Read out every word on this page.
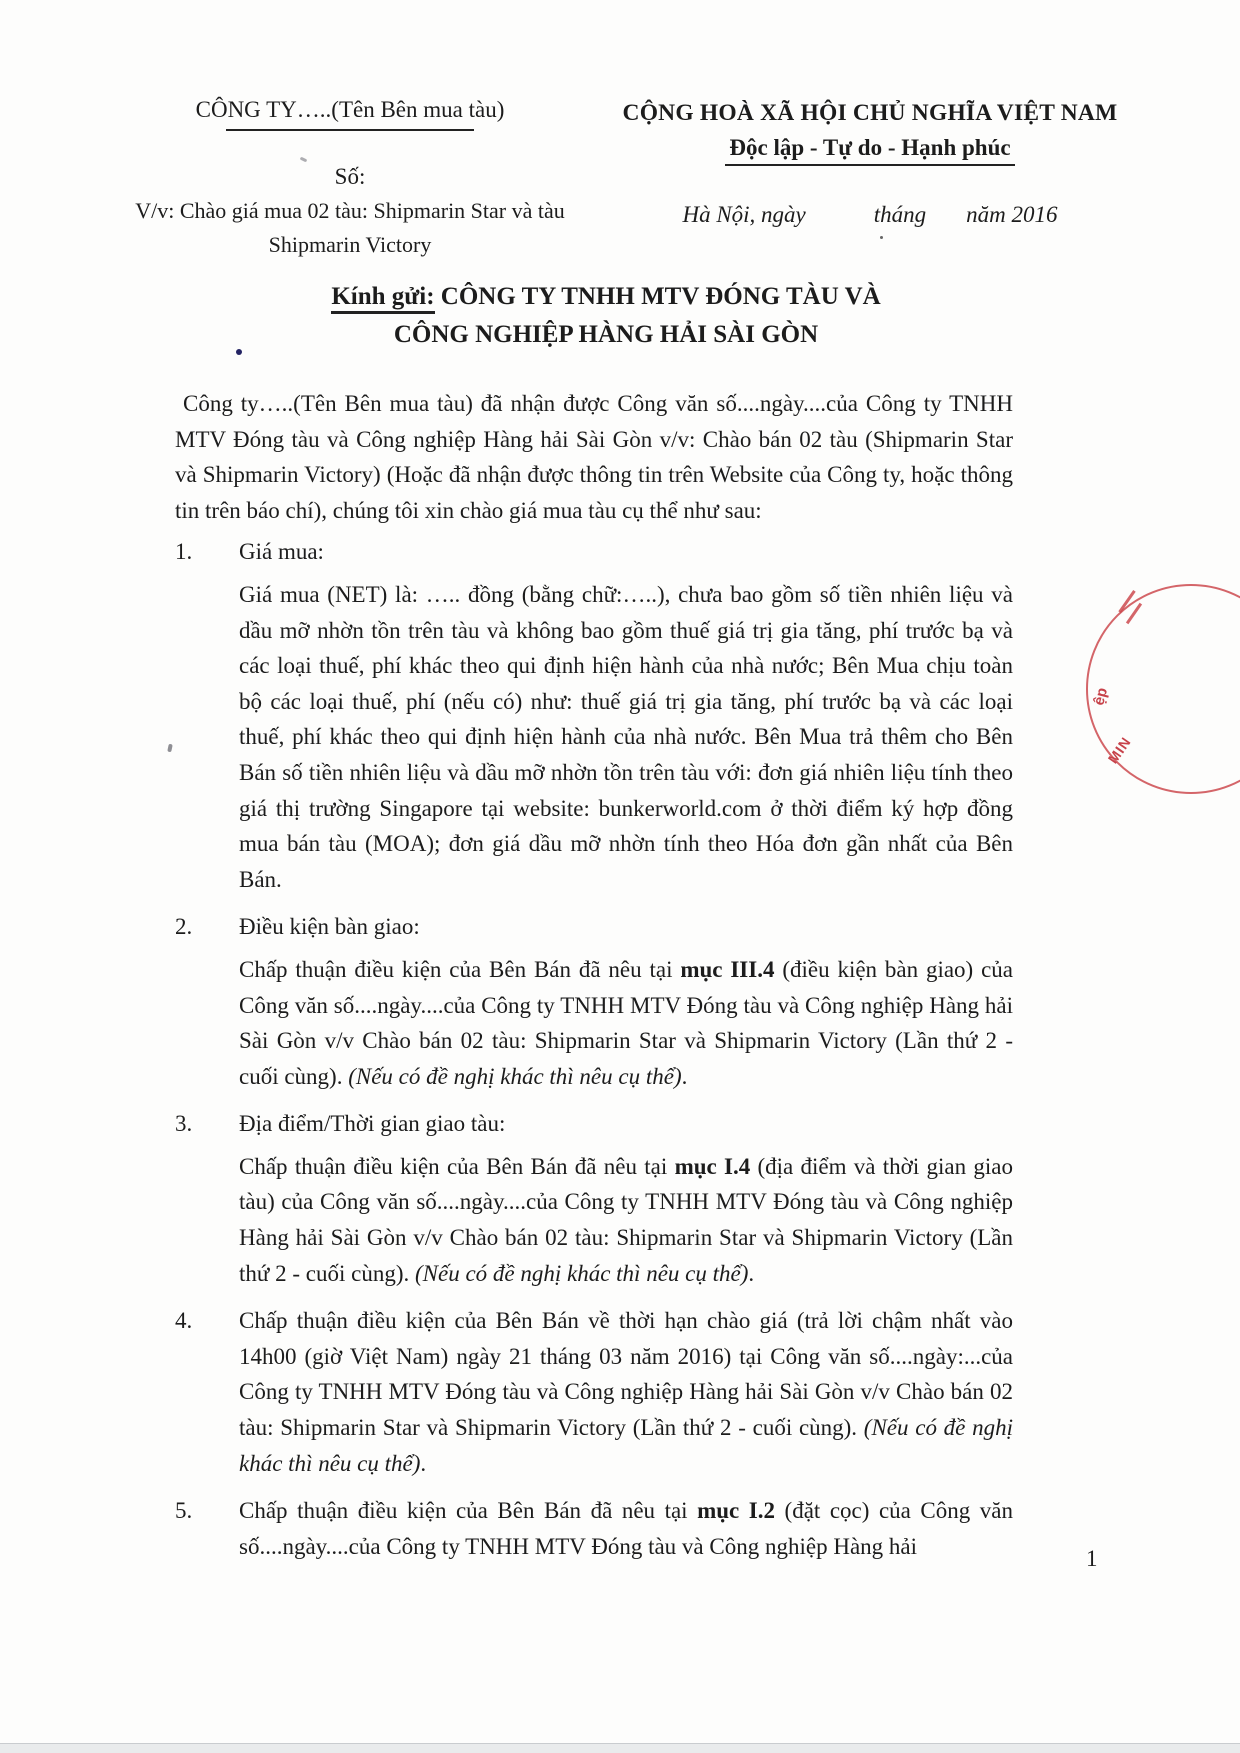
CÔNG TY…..(Tên Bên mua tàu)
Số:
V/v: Chào giá mua 02 tàu: Shipmarin Star và tàu
Shipmarin Victory
CỘNG HOÀ XÃ HỘI CHỦ NGHĨA VIỆT NAM
Độc lập - Tự do - Hạnh phúc
Hà Nội, ngày	tháng năm 2016
Kính gửi: CÔNG TY TNHH MTV ĐÓNG TÀU VÀ
CÔNG NGHIỆP HÀNG HẢI SÀI GÒN

Công ty…..(Tên Bên mua tàu) đã nhận được Công văn số....ngày....của Công ty TNHH MTV Đóng tàu và Công nghiệp Hàng hải Sài Gòn v/v: Chào bán 02 tàu (Shipmarin Star và Shipmarin Victory) (Hoặc đã nhận được thông tin trên Website của Công ty, hoặc thông tin trên báo chí), chúng tôi xin chào giá mua tàu cụ thể như sau:

1.	Giá mua:

Giá mua (NET) là: ….. đồng (bằng chữ:…..), chưa bao gồm số tiền nhiên liệu và dầu mỡ nhờn tồn trên tàu và không bao gồm thuế giá trị gia tăng, phí trước bạ và các loại thuế, phí khác theo qui định hiện hành của nhà nước; Bên Mua chịu toàn bộ các loại thuế, phí (nếu có) như: thuế giá trị gia tăng, phí trước bạ và các loại thuế, phí khác theo qui định hiện hành của nhà nước. Bên Mua trả thêm cho Bên Bán số tiền nhiên liệu và dầu mỡ nhờn tồn trên tàu với: đơn giá nhiên liệu tính theo giá thị trường Singapore tại website: bunkerworld.com ở thời điểm ký hợp đồng mua bán tàu (MOA); đơn giá dầu mỡ nhờn tính theo Hóa đơn gần nhất của Bên Bán.

2.	Điều kiện bàn giao:

Chấp thuận điều kiện của Bên Bán đã nêu tại mục III.4 (điều kiện bàn giao) của Công văn số....ngày....của Công ty TNHH MTV Đóng tàu và Công nghiệp Hàng hải Sài Gòn v/v Chào bán 02 tàu: Shipmarin Star và Shipmarin Victory (Lần thứ 2 - cuối cùng). (Nếu có đề nghị khác thì nêu cụ thể).

3.	Địa điểm/Thời gian giao tàu:

Chấp thuận điều kiện của Bên Bán đã nêu tại mục I.4 (địa điểm và thời gian giao tàu) của Công văn số....ngày....của Công ty TNHH MTV Đóng tàu và Công nghiệp Hàng hải Sài Gòn v/v Chào bán 02 tàu: Shipmarin Star và Shipmarin Victory (Lần thứ 2 - cuối cùng). (Nếu có đề nghị khác thì nêu cụ thể).

4.	Chấp thuận điều kiện của Bên Bán về thời hạn chào giá (trả lời chậm nhất vào 14h00 (giờ Việt Nam) ngày 21 tháng 03 năm 2016) tại Công văn số....ngày:...của Công ty TNHH MTV Đóng tàu và Công nghiệp Hàng hải Sài Gòn v/v Chào bán 02 tàu: Shipmarin Star và Shipmarin Victory (Lần thứ 2 - cuối cùng). (Nếu có đề nghị khác thì nêu cụ thể).

5.	Chấp thuận điều kiện của Bên Bán đã nêu tại mục I.2 (đặt cọc) của Công văn số....ngày....của Công ty TNHH MTV Đóng tàu và Công nghiệp Hàng hải

ệp
MIN
1
